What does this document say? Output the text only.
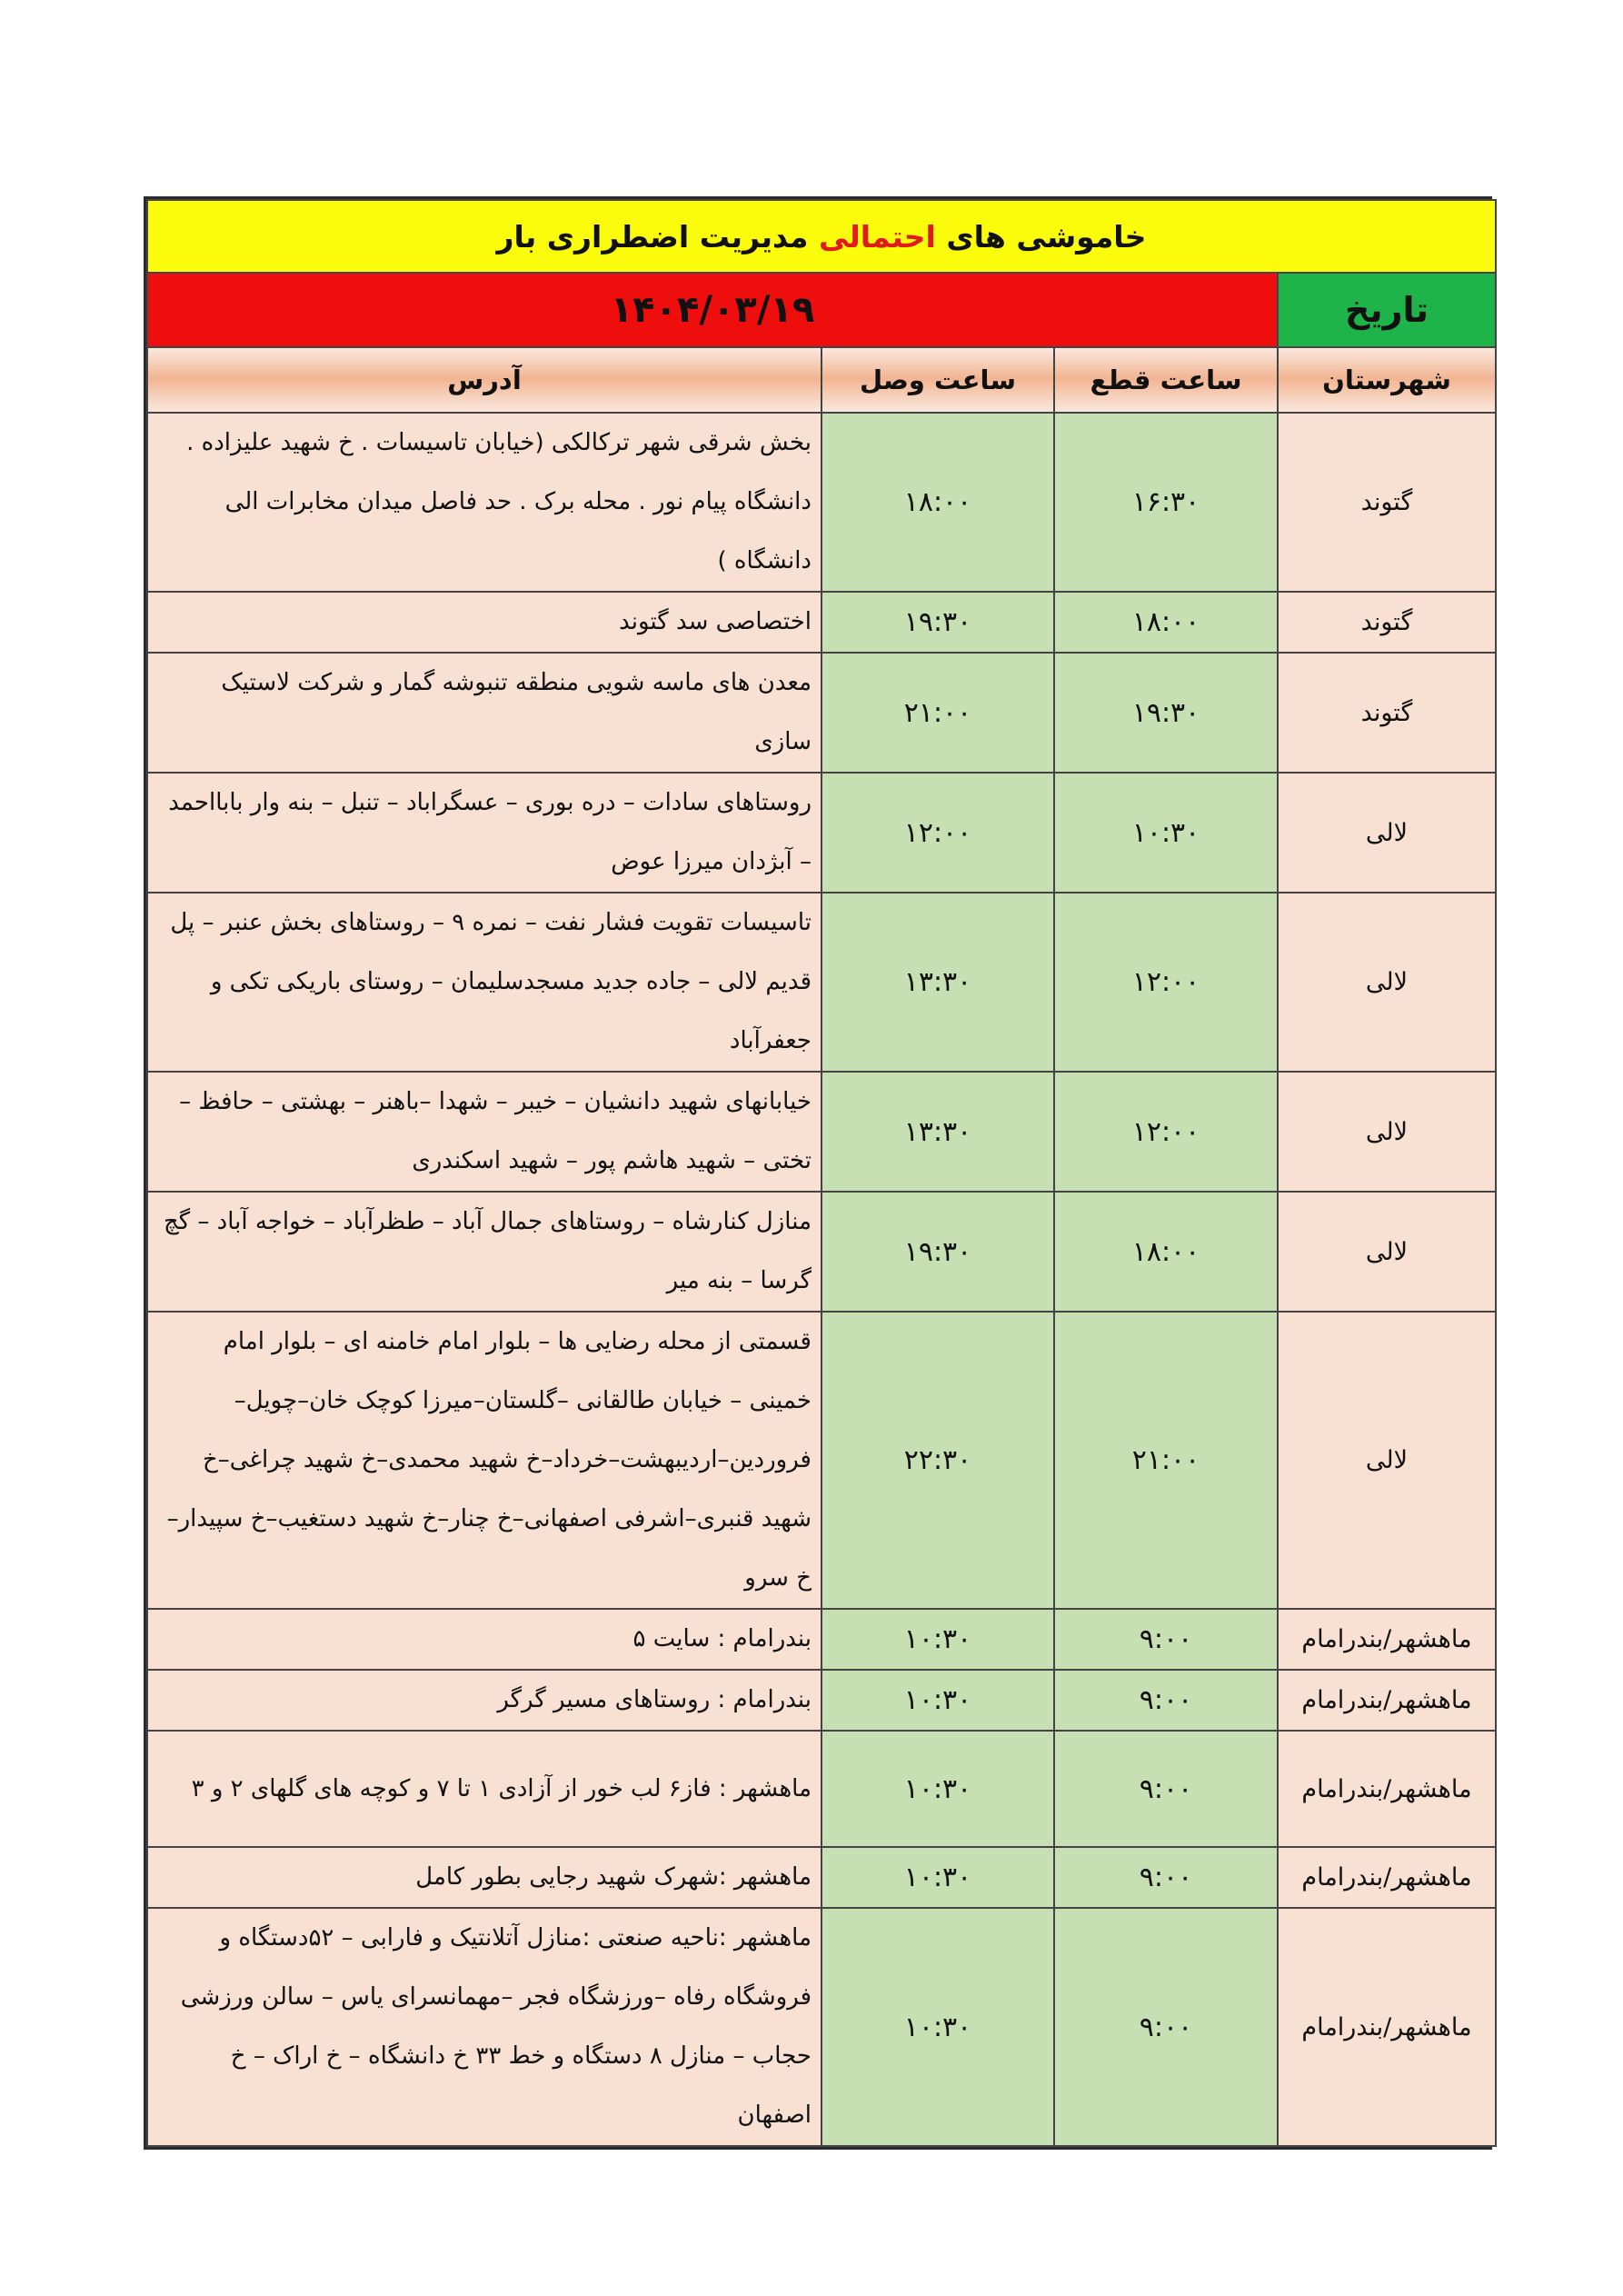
خاموشی های احتمالی مدیریت اضطراری بار			
تاریخ	۱۴۰۴/۰۳/۱۹		
شهرستان	ساعت قطع	ساعت وصل	آدرس
گتوند	۱۶:۳۰	۱۸:۰۰	بخش شرقی شهر ترکالکی (خیابان تاسیسات . خ شهید علیزاده . دانشگاه پیام نور . محله برک . حد فاصل میدان مخابرات الی دانشگاه )
گتوند	۱۸:۰۰	۱۹:۳۰	اختصاصی سد گتوند
گتوند	۱۹:۳۰	۲۱:۰۰	معدن های ماسه شویی منطقه تنبوشه گمار و شرکت لاستیک سازی
لالی	۱۰:۳۰	۱۲:۰۰	روستاهای سادات – دره بوری – عسگراباد – تنبل – بنه وار بابااحمد – آبژدان میرزا عوض
لالی	۱۲:۰۰	۱۳:۳۰	تاسیسات تقویت فشار نفت – نمره ۹ – روستاهای بخش عنبر – پل قدیم لالی – جاده جدید مسجدسلیمان – روستای باریکی تکی و جعفرآباد
لالی	۱۲:۰۰	۱۳:۳۰	خیابانهای شهید دانشیان – خیبر – شهدا –باهنر – بهشتی – حافظ – تختی – شهید هاشم پور – شهید اسکندری
لالی	۱۸:۰۰	۱۹:۳۰	منازل کنارشاه – روستاهای جمال آباد – طظرآباد – خواجه آباد – گچ گرسا – بنه میر
لالی	۲۱:۰۰	۲۲:۳۰	قسمتی از محله رضایی ها – بلوار امام خامنه ای – بلوار امام خمینی – خیابان طالقانی –گلستان–میرزا کوچک خان–چویل–فروردین–اردیبهشت–خرداد–خ شهید محمدی–خ شهید چراغی–خ شهید قنبری–اشرفی اصفهانی–خ چنار–خ شهید دستغیب–خ سپیدار–خ سرو
ماهشهر/بندرامام	۹:۰۰	۱۰:۳۰	بندرامام : سایت ۵
ماهشهر/بندرامام	۹:۰۰	۱۰:۳۰	بندرامام : روستاهای مسیر گرگر
ماهشهر/بندرامام	۹:۰۰	۱۰:۳۰	ماهشهر : فاز۶ لب خور از آزادی ۱ تا ۷ و کوچه های گلهای ۲ و ۳
ماهشهر/بندرامام	۹:۰۰	۱۰:۳۰	ماهشهر :شهرک شهید رجایی بطور کامل
ماهشهر/بندرامام	۹:۰۰	۱۰:۳۰	ماهشهر :ناحیه صنعتی :منازل آتلانتیک و فارابی – ۵۲دستگاه و فروشگاه رفاه –ورزشگاه فجر –مهمانسرای یاس – سالن ورزشی حجاب – منازل ۸ دستگاه و خط ۳۳ خ دانشگاه – خ اراک – خ اصفهان
